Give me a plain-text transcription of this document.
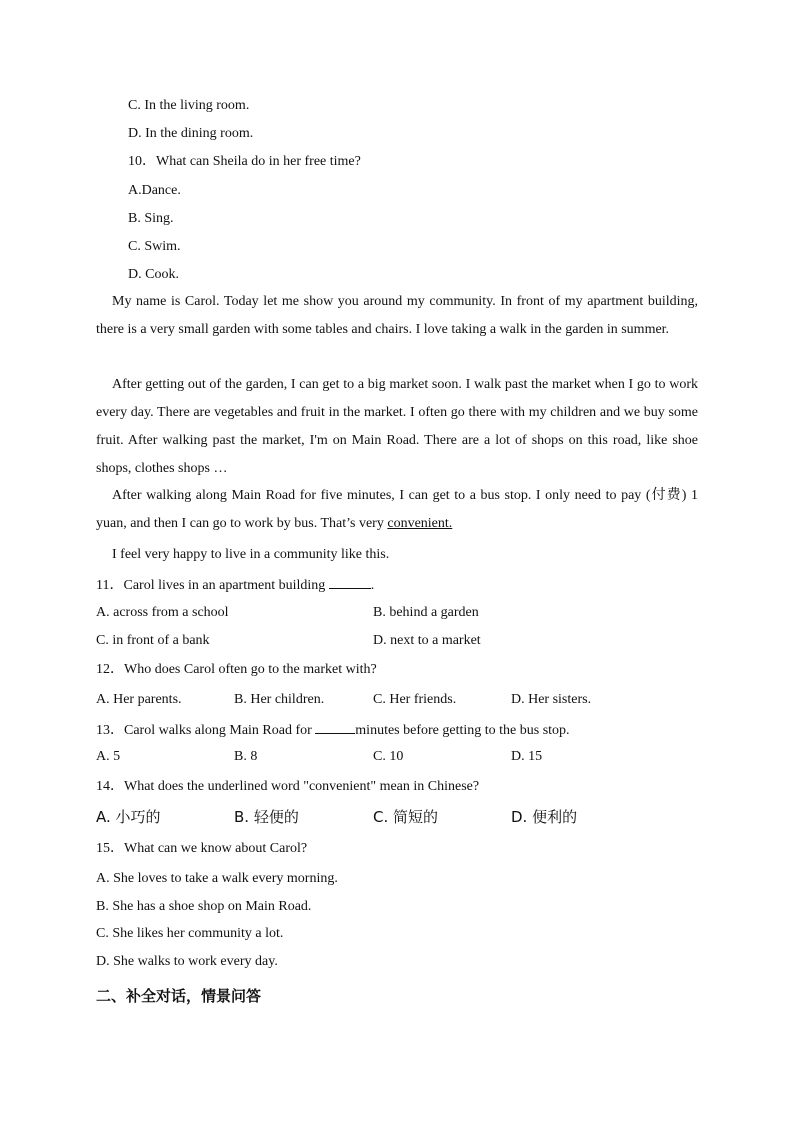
C. In the living room.
D. In the dining room.
10．What can Sheila do in her free time?
A.Dance.
B. Sing.
C. Swim.
D. Cook.
My name is Carol. Today let me show you around my community. In front of my apartment building, there is a very small garden with some tables and chairs. I love taking a walk in the garden in summer.
After getting out of the garden, I can get to a big market soon. I walk past the market when I go to work every day. There are vegetables and fruit in the market. I often go there with my children and we buy some fruit. After walking past the market, I'm on Main Road. There are a lot of shops on this road, like shoe shops, clothes shops …
After walking along Main Road for five minutes, I can get to a bus stop. I only need to pay (付费) 1 yuan, and then I can go to work by bus. That’s very convenient.
I feel very happy to live in a community like this.
11．Carol lives in an apartment building	.
A. across from a school	B. behind a garden
C. in front of a bank	D. next to a market
12．Who does Carol often go to the market with?
A. Her parents.	B. Her children.	C. Her friends.	D. Her sisters.
13．Carol walks along Main Road for	minutes before getting to the bus stop.
A. 5	B. 8	C. 10	D. 15
14．What does the underlined word "convenient" mean in Chinese?
A. 小巧的	B. 轻便的	C. 简短的	D. 便利的
15．What can we know about Carol?
A. She loves to take a walk every morning.
B. She has a shoe shop on Main Road.
C. She likes her community a lot.
D. She walks to work every day.
二、补全对话，情景问答
